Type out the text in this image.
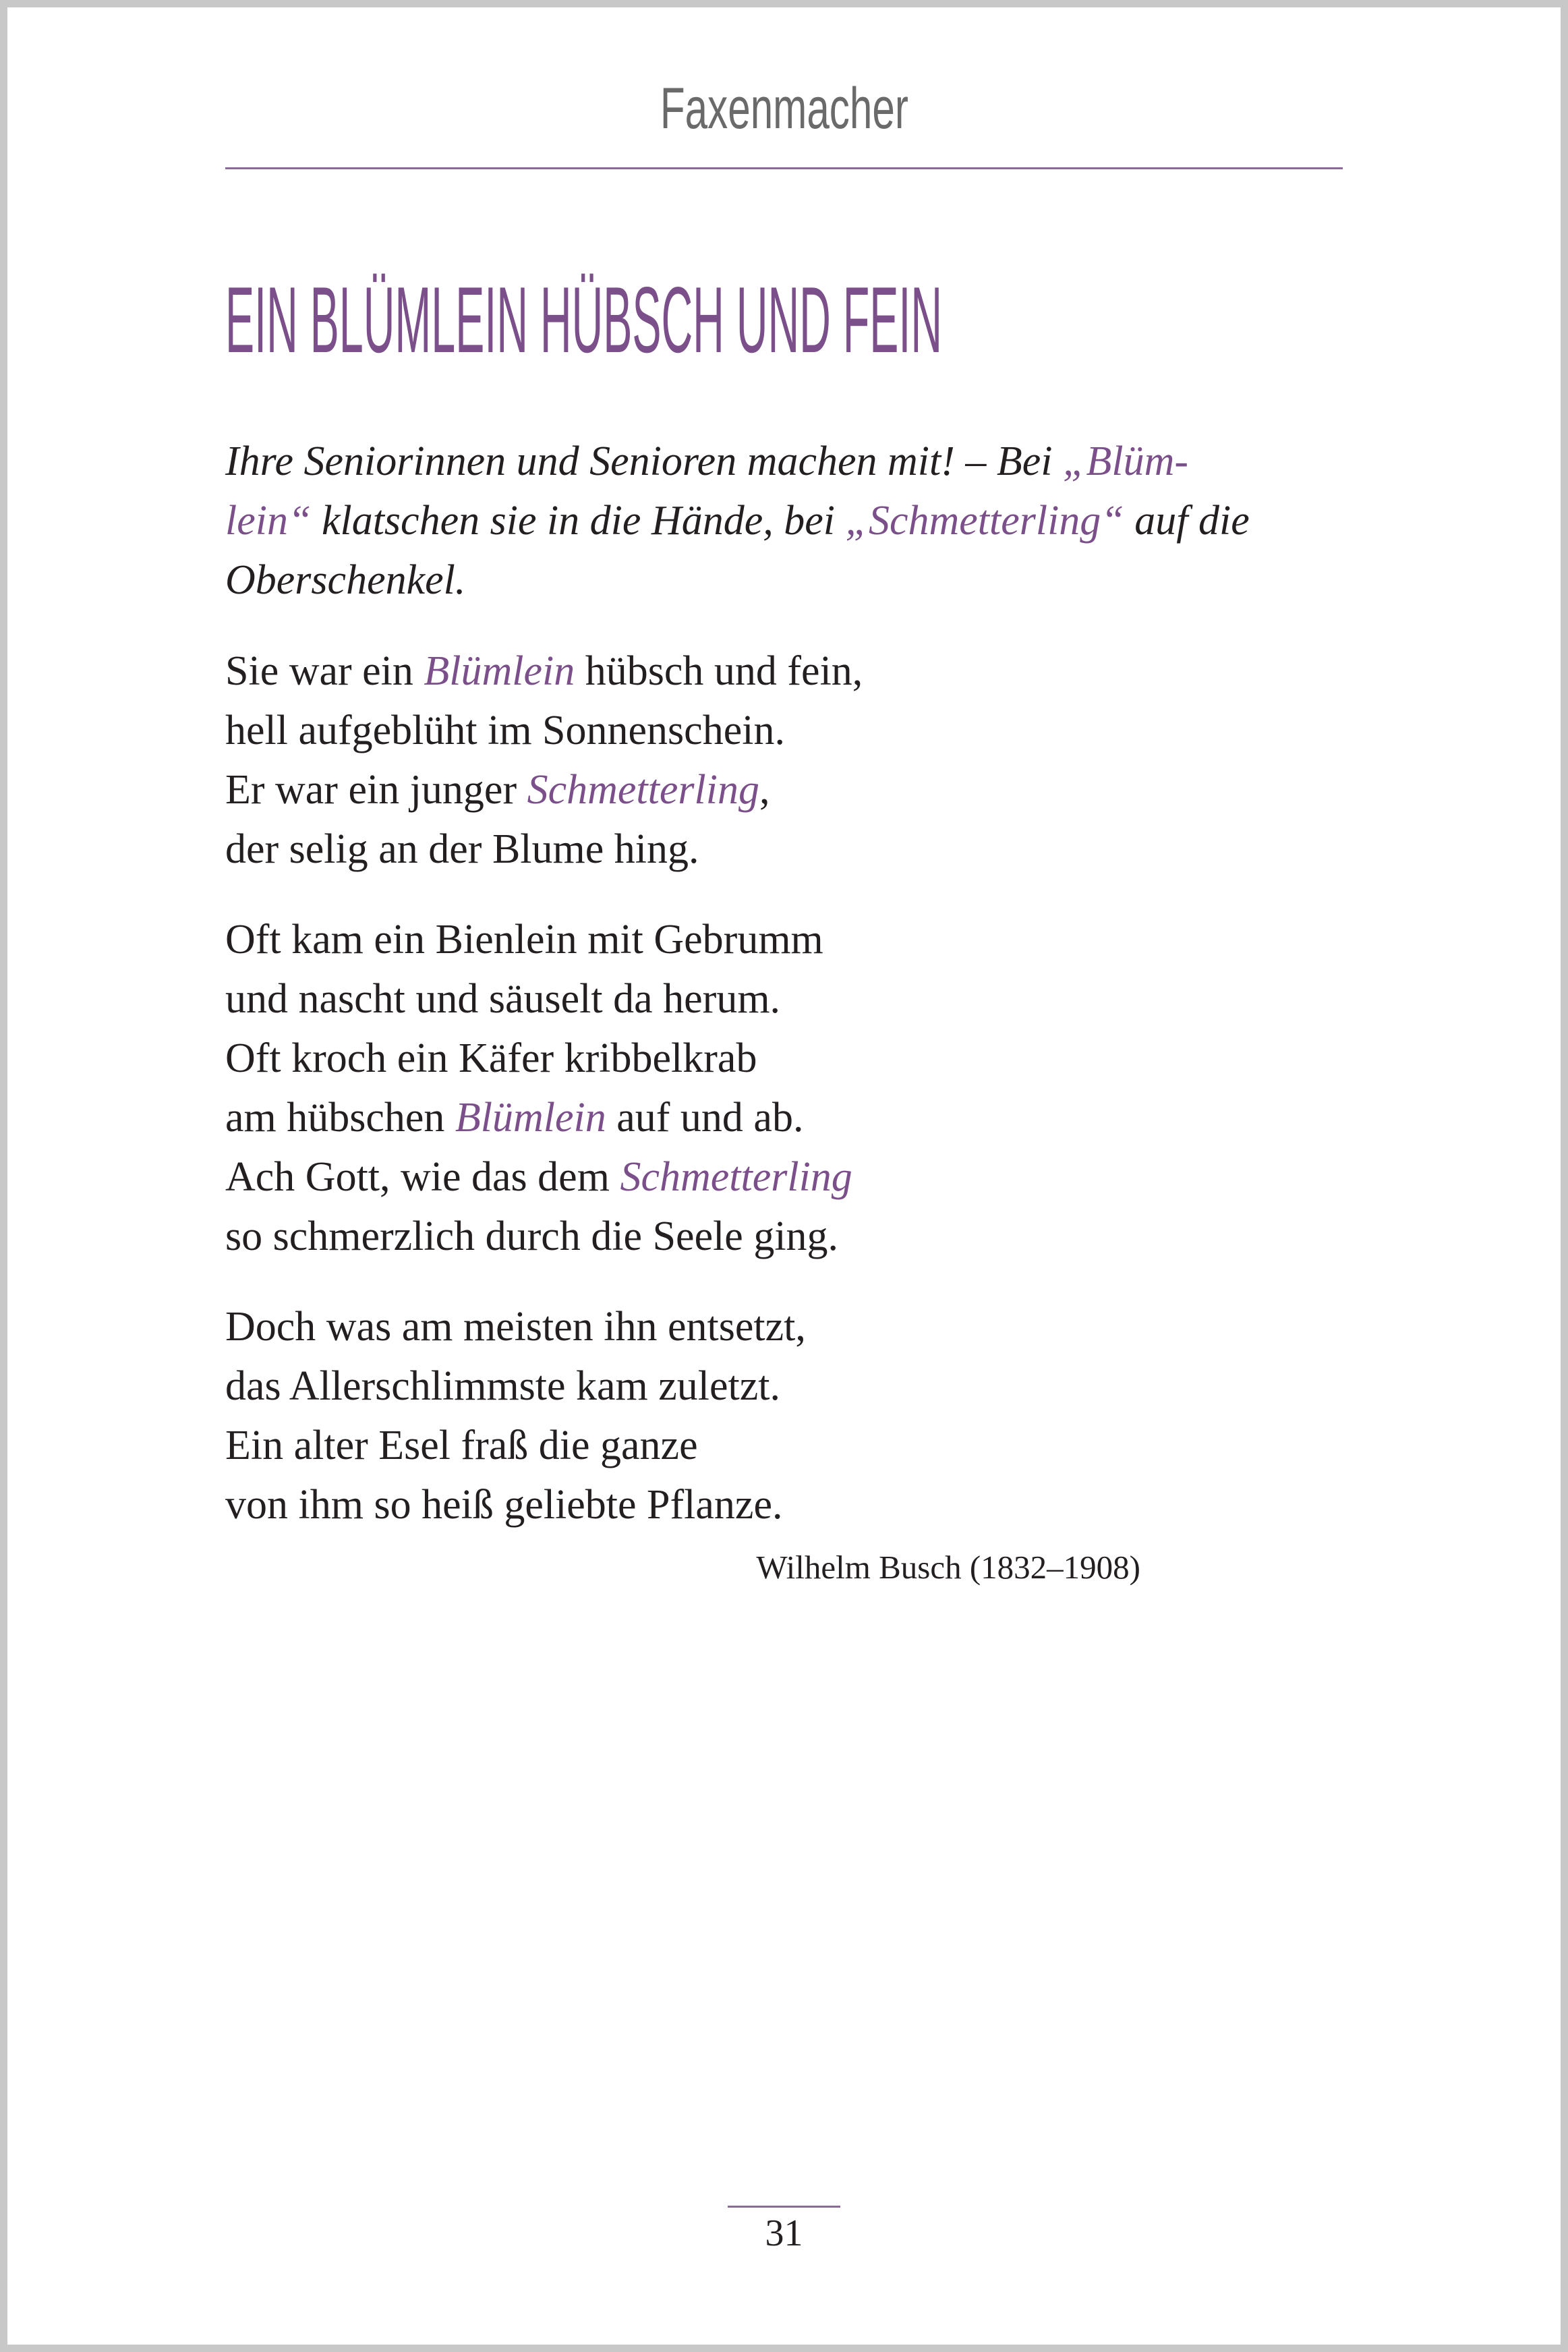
Faxenmacher
EIN BLÜMLEIN HÜBSCH UND FEIN
Ihre Seniorinnen und Senioren machen mit! – Bei „Blüm-
lein“ klatschen sie in die Hände, bei „Schmetterling“ auf die
Oberschenkel.
Sie war ein Blümlein hübsch und fein,
hell aufgeblüht im Sonnenschein.
Er war ein junger Schmetterling,
der selig an der Blume hing.
Oft kam ein Bienlein mit Gebrumm
und nascht und säuselt da herum.
Oft kroch ein Käfer kribbelkrab
am hübschen Blümlein auf und ab.
Ach Gott, wie das dem Schmetterling
so schmerzlich durch die Seele ging.
Doch was am meisten ihn entsetzt,
das Allerschlimmste kam zuletzt.
Ein alter Esel fraß die ganze
von ihm so heiß geliebte Pflanze.
Wilhelm Busch (1832–1908)
31
